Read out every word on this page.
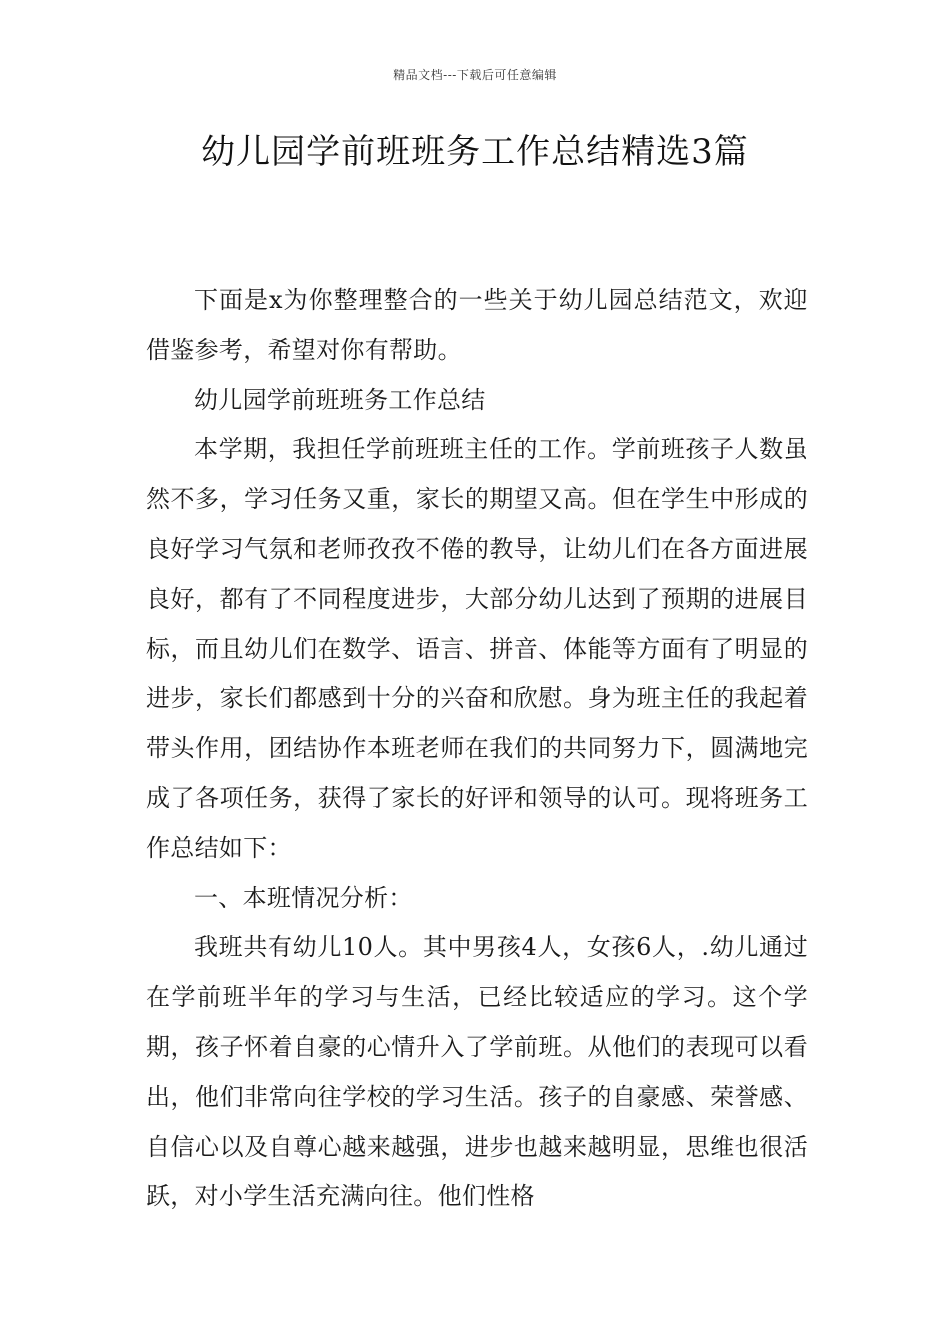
精品文档---下载后可任意编辑
幼儿园学前班班务工作总结精选3篇

下面是x为你整理整合的一些关于幼儿园总结范文，欢迎借鉴参考，希望对你有帮助。

幼儿园学前班班务工作总结

本学期，我担任学前班班主任的工作。学前班孩子人数虽然不多，学习任务又重，家长的期望又高。但在学生中形成的良好学习气氛和老师孜孜不倦的教导，让幼儿们在各方面进展良好，都有了不同程度进步，大部分幼儿达到了预期的进展目标，而且幼儿们在数学、语言、拼音、体能等方面有了明显的进步，家长们都感到十分的兴奋和欣慰。身为班主任的我起着带头作用，团结协作本班老师在我们的共同努力下，圆满地完成了各项任务，获得了家长的好评和领导的认可。现将班务工作总结如下：

一、本班情况分析：

我班共有幼儿10人。其中男孩4人，女孩6人，.幼儿通过在学前班半年的学习与生活，已经比较适应的学习。这个学期，孩子怀着自豪的心情升入了学前班。从他们的表现可以看出，他们非常向往学校的学习生活。孩子的自豪感、荣誉感、自信心以及自尊心越来越强，进步也越来越明显，思维也很活跃，对小学生活充满向往。他们性格
